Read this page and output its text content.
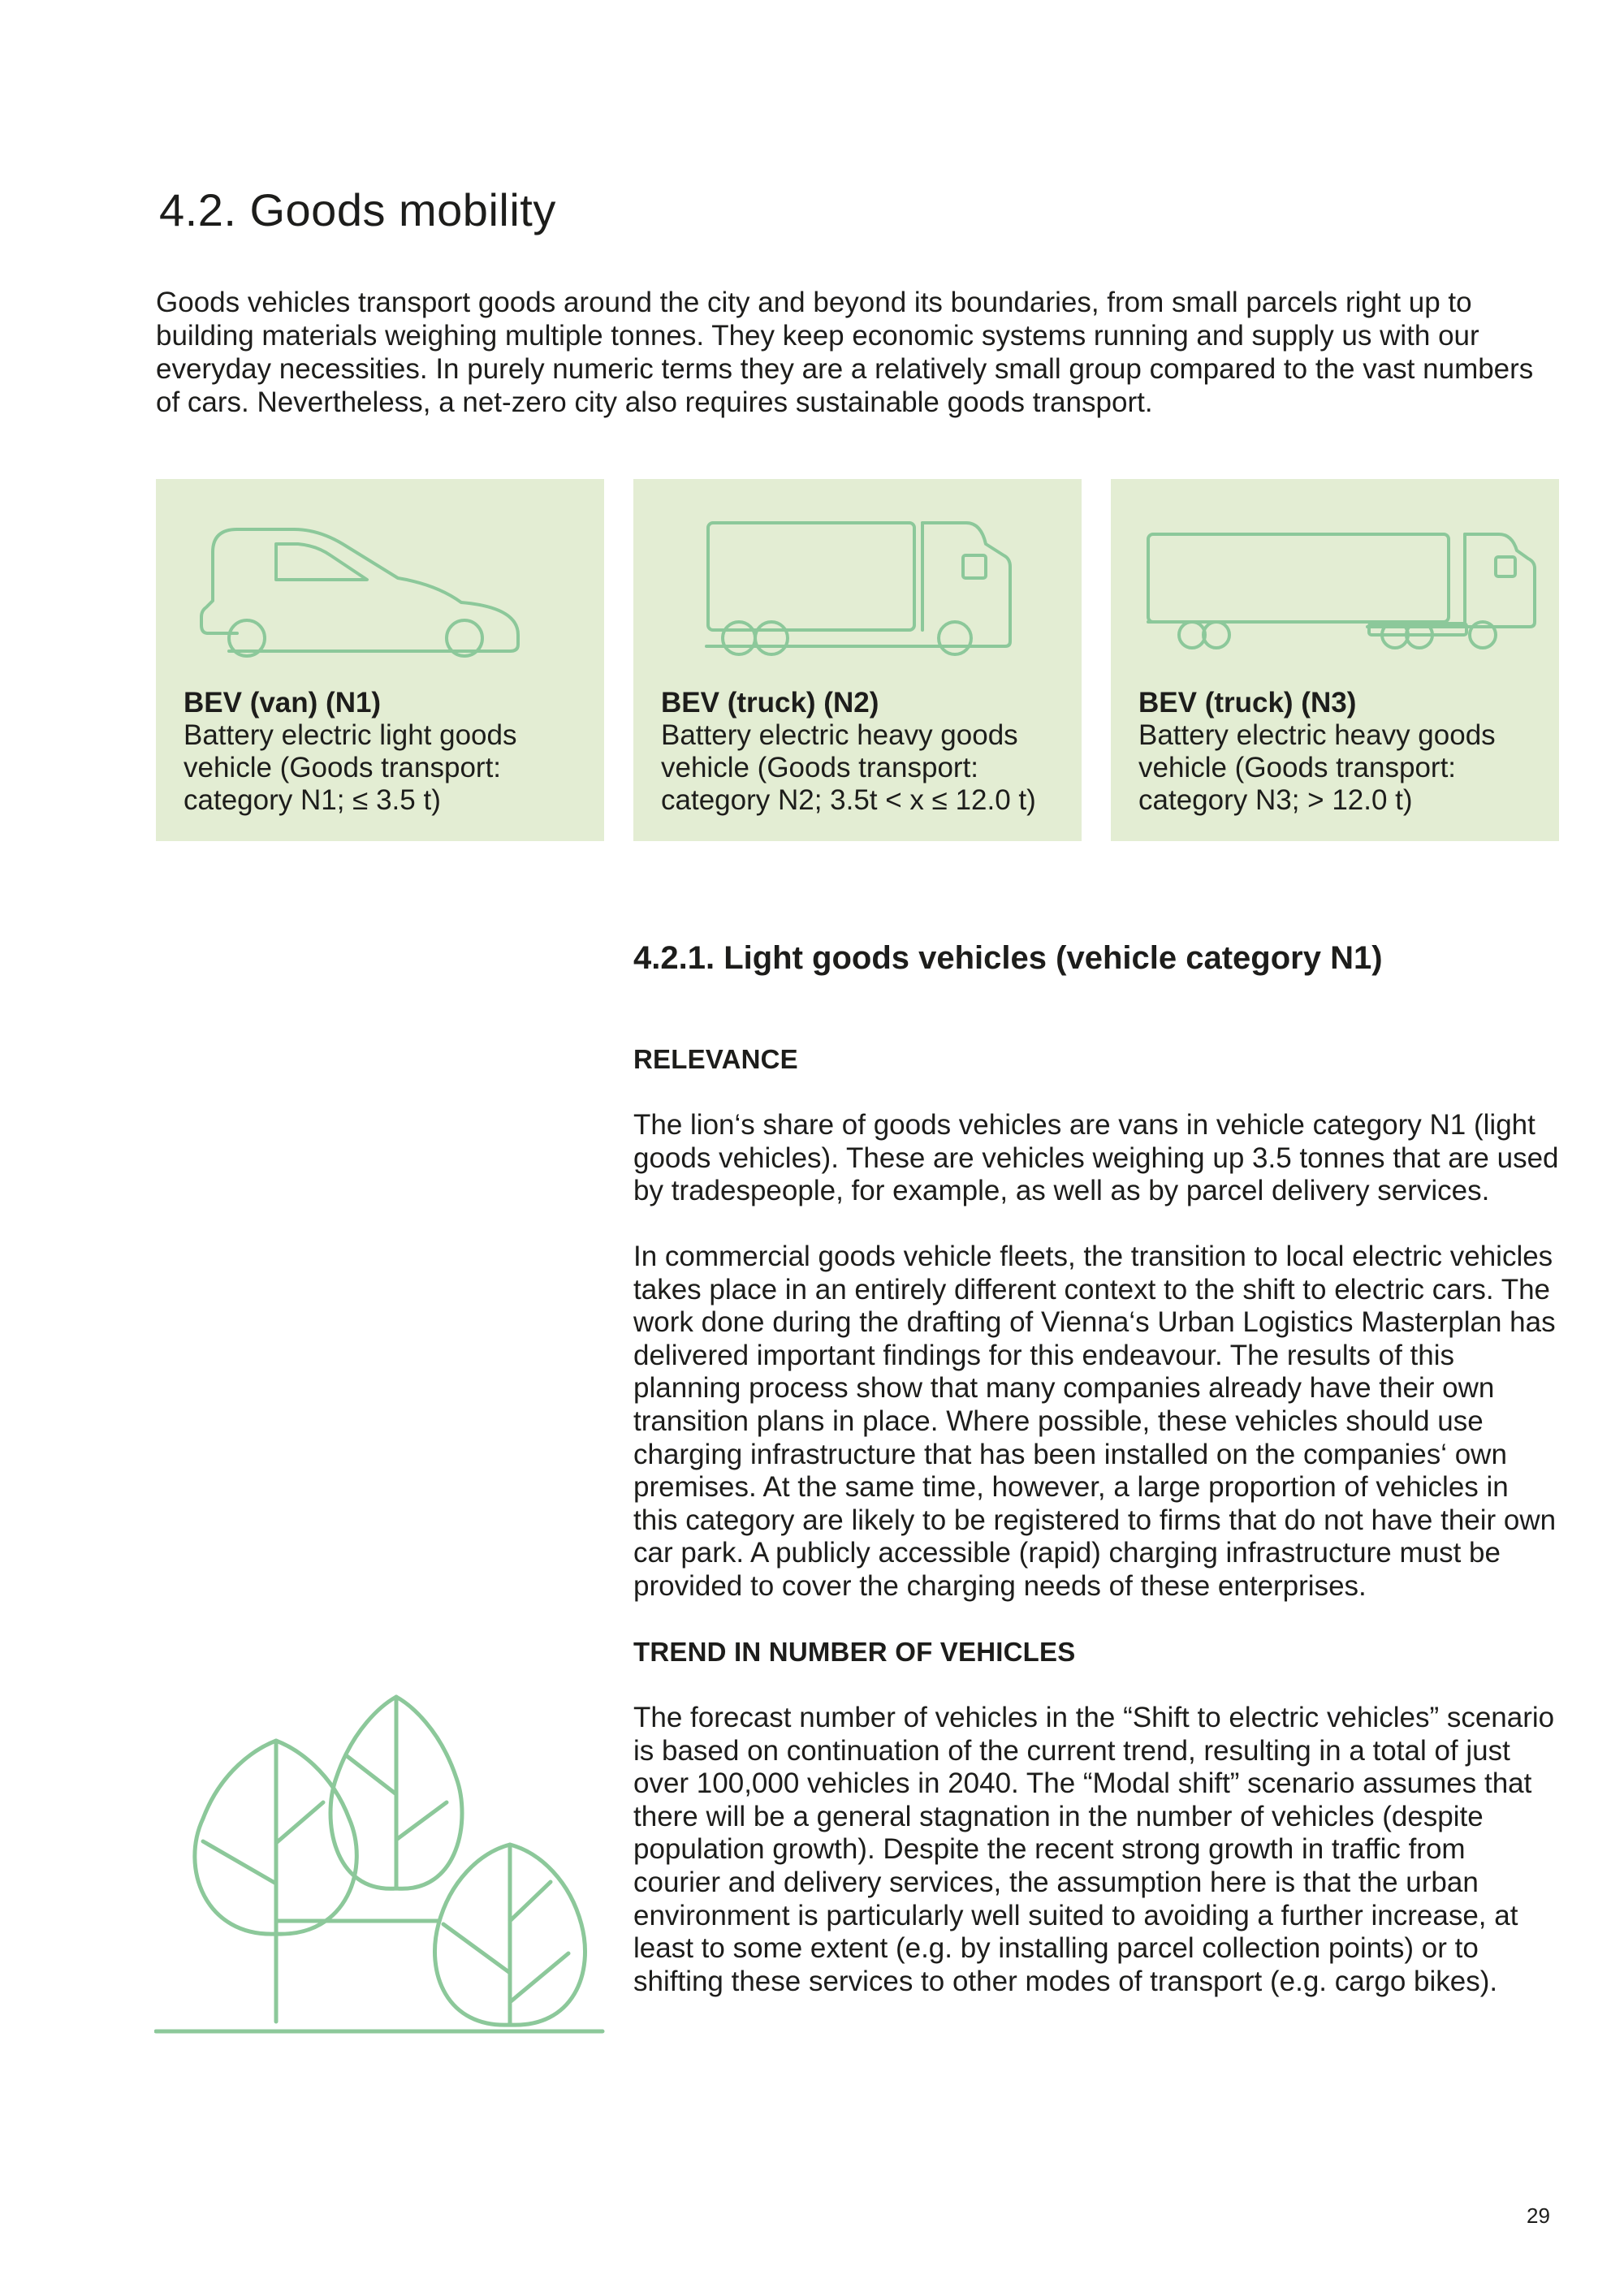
4.2. Goods mobility

Goods vehicles transport goods around the city and beyond its boundaries, from small parcels right up to building materials weighing multiple tonnes. They keep economic systems running and supply us with our everyday necessities. In purely numeric terms they are a relatively small group compared to the vast numbers of cars. Nevertheless, a net-zero city also requires sustainable goods transport.

BEV (van) (N1)
Battery electric light goods vehicle (Goods transport: category N1; ≤ 3.5 t)
BEV (truck) (N2)
Battery electric heavy goods vehicle (Goods transport: category N2; 3.5t < x ≤ 12.0 t)
BEV (truck) (N3)
Battery electric heavy goods vehicle (Goods transport: category N3; > 12.0 t)
4.2.1. Light goods vehicles (vehicle category N1)
RELEVANCE

The lion‘s share of goods vehicles are vans in vehicle category N1 (light goods vehicles). These are vehicles weighing up 3.5 tonnes that are used by tradespeople, for example, as well as by parcel delivery services.

In commercial goods vehicle fleets, the transition to local electric vehicles takes place in an entirely different context to the shift to electric cars. The work done during the drafting of Vienna‘s Urban Logistics Masterplan has delivered important findings for this endeavour. The results of this planning process show that many companies already have their own transition plans in place. Where possible, these vehicles should use charging infrastructure that has been installed on the companies‘ own premises. At the same time, however, a large proportion of vehicles in this category are likely to be registered to firms that do not have their own car park. A publicly accessible (rapid) charging infrastructure must be provided to cover the charging needs of these enterprises.

TREND IN NUMBER OF VEHICLES

The forecast number of vehicles in the “Shift to electric vehicles” scenario is based on continuation of the current trend, resulting in a total of just over 100,000 vehicles in 2040. The “Modal shift” scenario assumes that there will be a general stagnation in the number of vehicles (despite population growth). Despite the recent strong growth in traffic from courier and delivery services, the assumption here is that the urban environment is particularly well suited to avoiding a further increase, at least to some extent (e.g. by installing parcel collection points) or to shifting these services to other modes of transport (e.g. cargo bikes).

29
